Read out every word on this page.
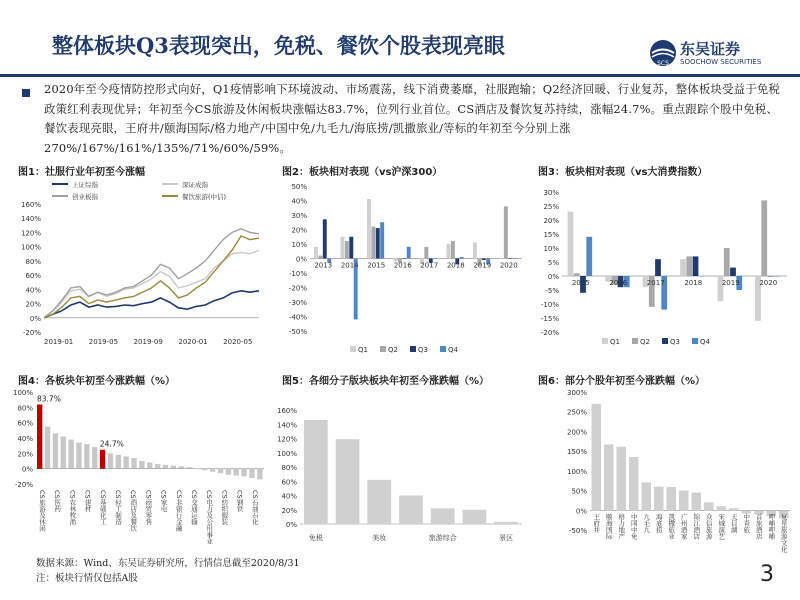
整体板块Q3表现突出，免税、餐饮个股表现亮眼
SCS
东吴证券
SOOCHOW SECURITIES
2020年至今疫情防控形式向好，Q1疫情影响下环境波动、市场震荡，线下消费萎靡，社服跑输；Q2经济回暖、行业复苏，整体板块受益于免税政策红利表现优异；年初至今CS旅游及休闲板块涨幅达83.7%，位列行业首位。CS酒店及餐饮复苏持续，涨幅24.7%。重点跟踪个股中免税、餐饮表现亮眼，王府井/颐海国际/格力地产/中国中免/九毛九/海底捞/凯撒旅业/等标的年初至今分别上涨270%/167%/161%/135%/71%/60%/59%。
图1：社服行业年初至今涨幅	图2：板块相对表现（vs沪深300）	图3：板块相对表现（vs大消费指数）
图4：各板块年初至今涨跌幅（%）	图5：各细分子版块板块年初至今涨跌幅（%）	图6：部分个股年初至今涨跌幅（%）
-20%
0%
20%
40%
60%
80%
100%
120%
140%
160%
2019-01 2019-05 2019-09 2020-01 2020-05
上证综指	深证成指
创业板指	餐饮旅游(中信)
-50%
-40%
-30%
-20%
-10%
0%
10%
20%
30%
40%
50%
2013 2014 2015 2016 2017 2018 2019 2020
Q1	Q2	Q3	Q4
-20%
-15%
-10%
-5%
0%
5%
10%
15%
20%
25%
30%
2015	2016	2017	2018	2019	2020
Q1	Q2	Q3	Q4
-20%
0%
20%
40%
60%
80%
100%
83.7%
24.7%
CS旅游及休闲 CS医药 CS农林牧渔 CS建材 CS基础化工 CS轻工制造 CS酒店及餐饮 CS商贸零售 CS家电 CS非银行金融 CS交通运输 CS电力及公用事业 CS纺织服装 CS钢铁 CS石油石化
0%
20%
40%
60%
80%
100%
120%
140%
160%
免税	美妆	旅游综合	景区
-50%
0%
50%
100%
150%
200%
250%
300%
王府井 颐海国际 格力地产 中国中免 九毛九 海底捞 凯撒旅业 广州酒家 锦江酒店 众信旅游 宋城演艺 天目湖 中青旅 首旅酒店 呷哺呷哺 复星旅游文化
数据来源：Wind、东吴证券研究所，行情信息截至2020/8/31
注：板块行情仅包括A股	3
